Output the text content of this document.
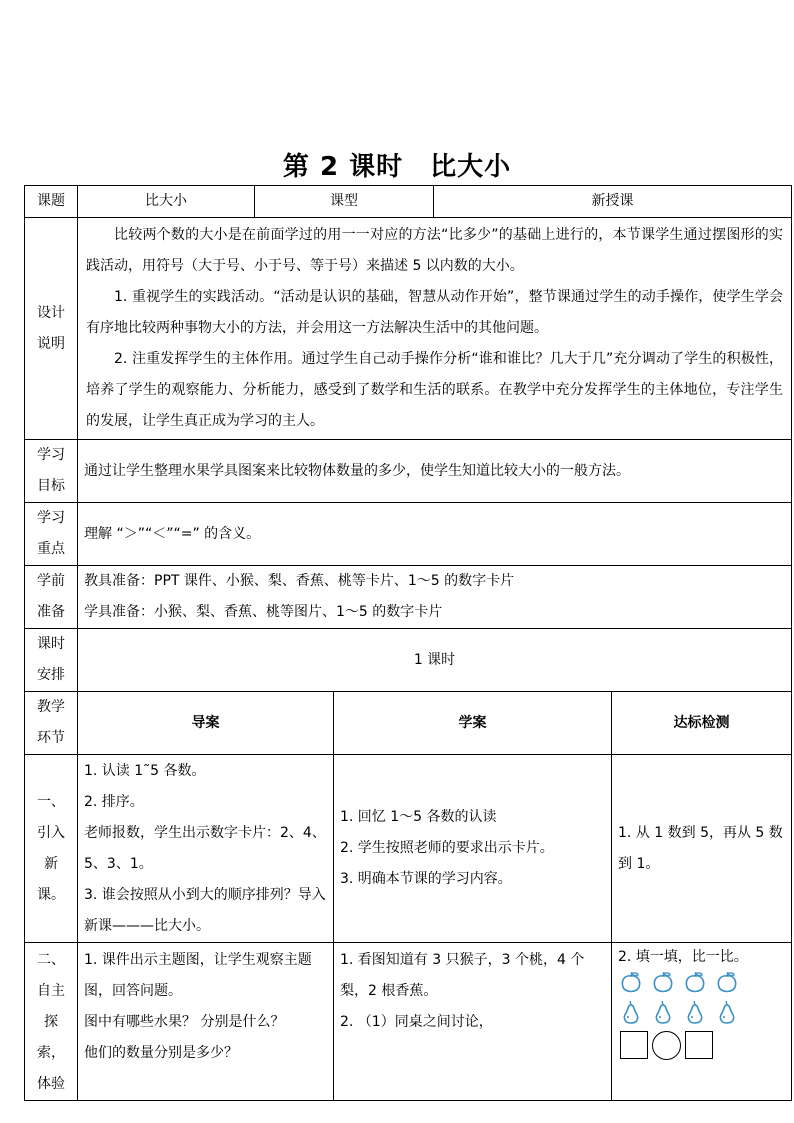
第 2 课时　比大小
课题	比大小	课型		新授课	
设计说明	比较两个数的大小是在前面学过的用一一对应的方法“比多少”的基础上进行的，本节课学生通过摆图形的实践活动，用符号（大于号、小于号、等于号）来描述 5 以内数的大小。

1. 重视学生的实践活动。“活动是认识的基础，智慧从动作开始”，整节课通过学生的动手操作，使学生学会有序地比较两种事物大小的方法，并会用这一方法解决生活中的其他问题。

2. 注重发挥学生的主体作用。通过学生自己动手操作分析“谁和谁比？几大于几”充分调动了学生的积极性，培养了学生的观察能力、分析能力，感受到了数学和生活的联系。在教学中充分发挥学生的主体地位，专注学生的发展，让学生真正成为学习的主人。				

学习目标	通过让学生整理水果学具图案来比较物体数量的多少，使学生知道比较大小的一般方法。				
学习重点	理解 “＞”“＜”“=” 的含义。				
学前准备	教具准备：PPT 课件、小猴、梨、香蕉、桃等卡片、1～5 的数字卡片
学具准备：小猴、梨、香蕉、桃等图片、1～5 的数字卡片				

课时安排	1 课时				
教学环节	导案		学案		达标检测
一、引入新课。	1. 认读 1˜5 各数。
2. 排序。
老师报数，学生出示数字卡片：2、4、5、3、1。
3. 谁会按照从小到大的顺序排列？导入新课———比大小。		1. 回忆 1～5 各数的认读
2. 学生按照老师的要求出示卡片。
3. 明确本节课的学习内容。		1. 从 1 数到 5，再从 5 数到 1。
二、自主探索，体验	1. 课件出示主题图，让学生观察主题图，回答问题。
图中有哪些水果？ 分别是什么？
他们的数量分别是多少？		1. 看图知道有 3 只猴子，3 个桃，4 个梨，2 根香蕉。
2. （1）同桌之间讨论，		2. 填一填，比一比。
